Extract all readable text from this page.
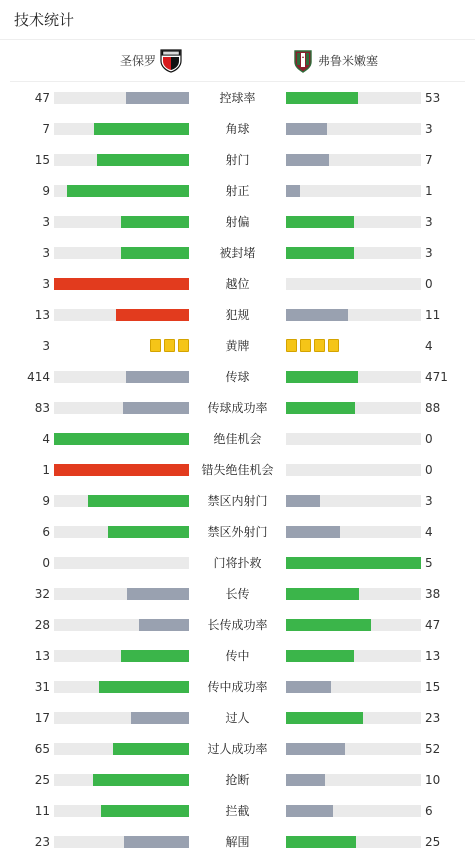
技术统计
圣保罗	弗鲁米嫩塞
47	控球率	53
7	角球	3
15	射门	7
9	射正	1
3	射偏	3
3	被封堵	3
3	越位	0
13	犯规	11
3	黄牌	4
414	传球	471
83	传球成功率	88
4	绝佳机会	0
1	错失绝佳机会	0
9	禁区内射门	3
6	禁区外射门	4
0	门将扑救	5
32	长传	38
28	长传成功率	47
13	传中	13
31	传中成功率	15
17	过人	23
65	过人成功率	52
25	抢断	10
11	拦截	6
23	解围	25
